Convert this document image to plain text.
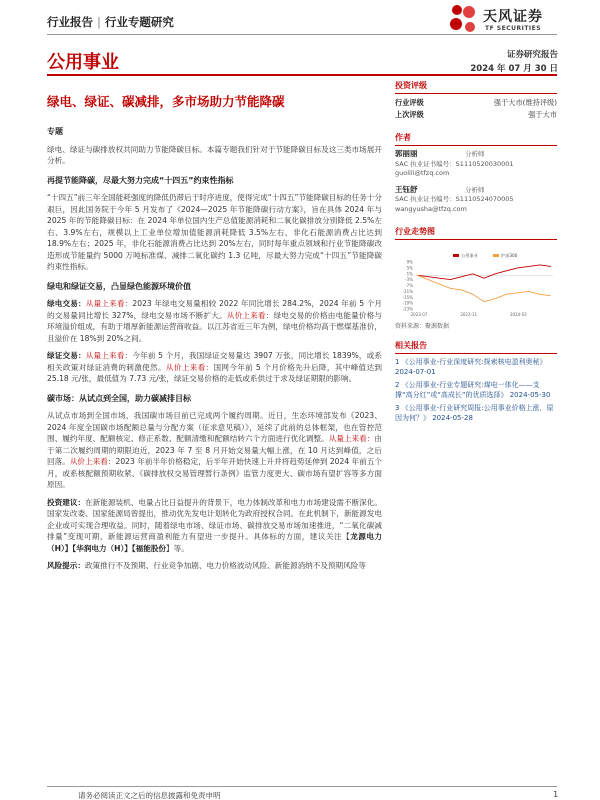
行业报告 | 行业专题研究	天风证券
TF SECURITIES
公用事业	证券研究报告
2024 年 07 月 30 日
绿电、绿证、碳减排，多市场助力节能降碳
专题

绿电、绿证与碳排放权共同助力节能降碳目标。本篇专题我们针对于节能降碳目标及这三类市场展开分析。

再提节能降碳，尽最大努力完成“十四五”约束性指标

“十四五”前三年全国能耗强度的降低仍滞后于时序进度，使得完成“十四五”节能降碳目标的任务十分艰巨，因此国务院于今年 5 月发布了《2024—2025 年节能降碳行动方案》，旨在具体 2024 年与 2025 年的节能降碳目标：在 2024 年单位国内生产总值能源消耗和二氧化碳排放分别降低 2.5%左右、3.9%左右，规模以上工业单位增加值能源消耗降低 3.5%左右，非化石能源消费占比达到 18.9%左右；2025 年，非化石能源消费占比达到 20%左右，同时每年重点领域和行业节能降碳改造形成节能量约 5000 万吨标准煤、减排二氧化碳约 1.3 亿吨，尽最大努力完成“十四五”节能降碳约束性指标。

绿电和绿证交易，凸显绿色能源环境价值

绿电交易：从量上来看：2023 年绿电交易量相较 2022 年同比增长 284.2%，2024 年前 5 个月的交易量同比增长 327%，绿电交易市场不断扩大。从价上来看：绿电交易的价格由电能量价格与环境溢价组成，有助于增厚新能源运营商收益。以江苏省近三年为例，绿电价格均高于燃煤基准价，且溢价在 18%到 20%之间。

绿证交易：从量上来看：今年前 5 个月，我国绿证交易量达 3907 万张，同比增长 1839%，或系相关政策对绿证消费的刺激使然。从价上来看：国网今年前 5 个月价格先升后降，其中峰值达到 25.18 元/张，最低值为 7.73 元/张，绿证交易价格的走低或系供过于求及绿证期限的影响。

碳市场：从试点到全国，助力碳减排目标

从试点市场到全国市场，我国碳市场目前已完成两个履约周期。近日，生态环境部发布《2023、2024 年度全国碳市场配额总量与分配方案（征求意见稿）》，延续了此前的总体框架，也在管控范围、履约年度、配额核定、修正系数、配额清缴和配额结转六个方面进行优化调整。从量上来看：由于第二次履约周期的期限迫近，2023 年 7 至 8 月开始交易量大幅上涨，在 10 月达到峰值，之后回落。从价上来看：2023 年前半年价格稳定，后半年开始快速上升并将趋势延伸到 2024 年前五个月，或系核配额预期收紧、《碳排放权交易管理暂行条例》监管力度更大、碳市场有望扩容等多方面原因。

投资建议：在新能源装机、电量占比日益提升的背景下，电力体制改革和电力市场建设需不断深化。国家发改委、国家能源局曾提出，推动优先发电计划转化为政府授权合同。在此机制下，新能源发电企业或可实现合理收益。同时，随着绿电市场、绿证市场、碳排放交易市场加速推进，“二氧化碳减排量”变现可期，新能源运营商盈利能力有望进一步提升。具体标的方面，建议关注【龙源电力（H）】【华润电力（H）】【福能股份】等。

风险提示：政策推行不及预期、行业竞争加剧、电力价格波动风险、新能源消纳不及预期风险等

投资评级
行业评级	强于大市(维持评级)
上次评级	强于大市
作者
郭丽丽	分析师
SAC 执业证书编号：S1110520030001
guolili@tfzq.com
王钰舒	分析师
SAC 执业证书编号：S1110524070005
wangyusha@tfzq.com
行业走势图
9%
5%
1%
-3%
-7%
-11%
-15%
-19%
-23%
2023-07	2023-11	2024-03
公用事业	沪深300
资料来源：聚源数据
相关报告
1 《公用事业-行业深度研究:探索核电盈利奥秘》 2024-07-01
2 《公用事业-行业专题研究:煤电一体化——支撑“高分红”或“高成长”的优质选择》 2024-05-30
3 《公用事业-行业研究周报:公用事业价格上涨，原因为何？》 2024-05-28
请务必阅读正文之后的信息披露和免责申明	1
